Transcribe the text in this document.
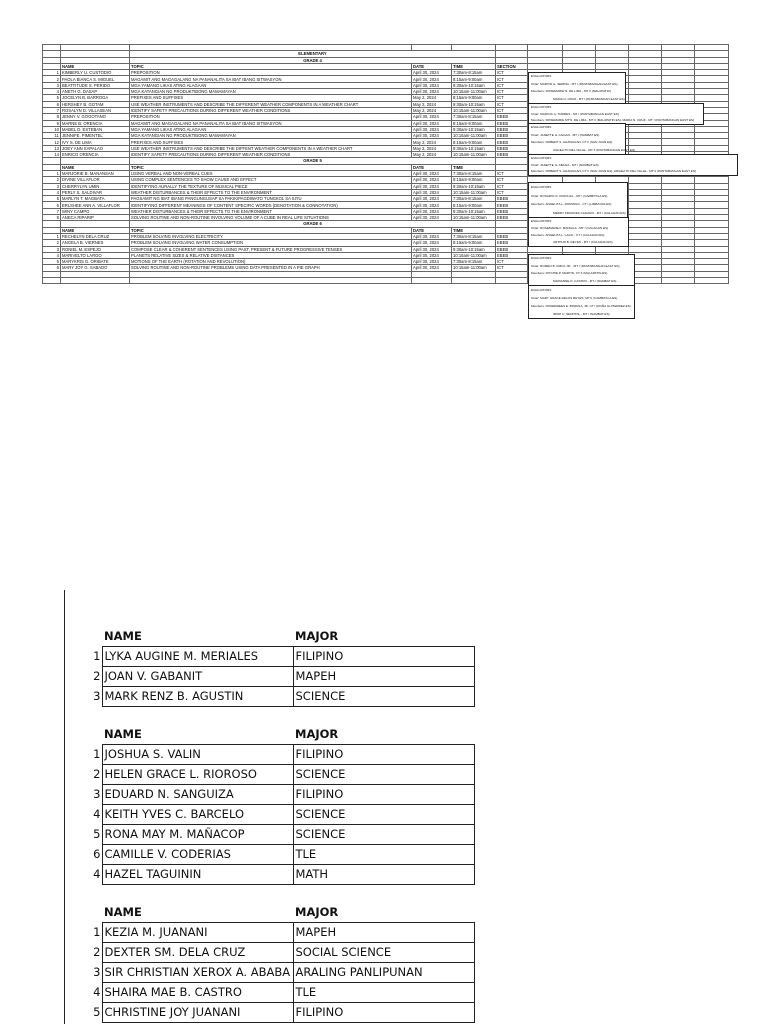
		ELEMENTARY									
		GRADE 4									
	NAME	TOPIC	DATE	TIME	SECTION						
1	KIMBERLY U. CUSTODIO	PREPOSITION	April 30, 2024	7:30am-8:15am	ICT						
2	PAOLA BIANCA S. MIGUEL	MAGAMIT ANG MAGAGALANG NA PANANALITA SA IBAT IBANG SITWASYON	April 30, 2024	8:15am-9:00am	ICT						
3	BEATTITUDE S. PERIDO	MGA YAMANG LIKAS ATING ALAGAAN	April 30, 2024	9:30am-10:15am	ICT						
4	ANETH G. DASAP	MGA KATANGIAN NG PRODUKTIBONG MAMAMAYAN	April 30, 2024	10:15am-11:00am	ICT						
5	JOCELYN B. BARROGA	PREFIXES AND SUFFIXES	May 2, 2024	8:15am-9:00am	ICT						
6	HERSHEY B. GOTAM	USE WEATHER INSTRUMENTS AND DESCRIBE THE DIFFERENT WEATHER COMPONENTS IN A WEATHER CHART	May 2, 2024	9:30am-10:15am	ICT						
7	ROSALYN D. VILLASEAN	IDENTIFY SAFETY PRECAUTIONS DURING DIFFERENT WEATHER CONDITIONS	May 2, 2024	10:15am-11:00am	ICT						
8	JENNY V. GOGOTANO	PREPOSITION	April 30, 2024	7:30am-8:15am	EBEB						
9	MARNE B. ORENCIA	MAGAMIT ANG MAGAGALANG NA PANANALITA SA IBAT IBANG SITWASYON	April 30, 2024	8:15am-9:00am	EBEB						
10	MABEL D. ESTEBAN	MGA YAMANG LIKAS ATING ALAGAAN	April 30, 2024	9:30am-10:15am	EBEB						
11	JENNIFE. PIMENTEL	MGA KATANGIAN NG PRODUKTIBONG MAMAMAYAN	April 30, 2024	10:15am-11:00am	EBEB						
12	IVY S. DE LIMA	PREFIXES AND SUFFIXES	May 2, 2024	8:15am-9:00am	EBEB						
13	JOEY ANN SAPALAO	USE WEATHER INSTRUMENTS AND DESCRIBE THE DIFFENT WEATHER COMPONENTS IN A WEATHER CHART	May 2, 2024	9:30am-10:15am	EBEB						
14	ENRICO ORENCIA	IDENTIFY SAFETY PRECAUTIONS DURING DIFFERENT WEATHER CONDITIONS	May 2, 2024	10:15am-11:00am	EBEB						
		GRADE 5									
	NAME	TOPIC	DATE	TIME							
1	MARJORIE B. MANANSAN	USING VERBAL AND NON-VERBAL CUES	April 30, 2024	7:30am-8:15am	ICT						
2	DIVINE VILLAFLOR	USING COMPLEX SENTENCES TO SHOW CAUSE AND EFFECT	April 30, 2024	8:15am-9:00am	ICT						
3	CHERRYLYN UMIN	IDENTIFYING AURALLY THE TEXTURE OF MUSICAL PIECE	April 30, 2024	9:30am-10:15am	ICT						
4	PERLY S. SALDIVAR	WEATHER DISTURBANCES & THEIR EFFECTS TO THE ENVIRONMENT	April 30, 2024	10:15am-11:00am	ICT						
5	MARLYN T. MAGBATA	PAGSAMIT NG IBAT IBANG PANGUNGUSAP SA PAKIKIPAGDIWATO TUNGKOL SA SIYU	April 30, 2024	7:30am-8:15am	EBEB						
6	ERLSHEE ANN A. VILLAFLOR	IDENTIFYING DIFFERENT MEANINGS OF CONTENT SPECIFIC WORDS (DENOTATION & CONNOTATION)	April 30, 2024	8:15am-9:00am	EBEB						
7	WINY CAMPO	WEATHER DISTURBANCES & THEIR EFFECTS TO THE ENVIRONMENT	April 30, 2024	9:30am-10:15am	EBEB						
8	ANECA RIPARIP	SOLVING ROUTINE AND NON-ROUTINE INVOLVING VOLUME OF A CUBE IN REAL LIFE SITUATIONS	April 30, 2024	10:15am-11:00am	EBEB						
		GRADE 6									
	NAME	TOPIC	DATE	TIME							
1	RECHELYN DELA CRUZ	PROBLEM SOLVING INVOLVING ELECTRICITY	April 30, 2024	7:30am-8:15am	EBEB						
2	ANGELA B. VIERNES	PROBLEM SOLVING INVOLVING WATER CONSUMPTION	April 30, 2024	8:15am-9:00am	EBEB						
3	RONIEL M. ESPEJO	COMPOSE CLEAR & COHERENT SENTENCES USING PAST, PRESENT & FUTURE PROGRESSIVE TENSES	April 30, 2024	9:30am-10:15am	EBEB						
4	MARIVELTO LARGO	PLANETS RELATIVE SIZES & RELATIVE DISTANCES	April 30, 2024	10:15am-11:00am	EBEB						
5	MARYKRIS G. ORIBATE	MOTIONS OF THE EARTH (ROTATION AND REVOLUTION)	April 30, 2024	7:30am-8:15am	ICT						
6	MARY JOY G. SABADO	SOLVING ROUTINE AND NON-ROUTINE PROBLEMS USING DATA PRESENTED IN A PIE GRAPH	April 30, 2024	10:15am-11:00am	ICT						

EVALUATORS
Chair: MARVIN G. SERING - MT I (PANTABANGAN EAST ES)
Members: ROSEMARIE N. DE LIMA - MT II (MALAPATIN)
MARIA N. CRUZ - MT I (PANTABANGAN EAST ES)
EVALUATORS
Chair: MARIVIC A. TORRES - MT I (PANTABANGAN EAST ES)
Members: ROSEMARIE MT'S. DE LIMA - MT II (MALAPATIN ES), MARIA N. CRUZ - MT I (PANTABANGAN EAST ES)
EVALUATORS
Chair: JANETTE G. AGGAN - MT I (NAMBAT ES)
Members: ROBERT S. AGANGGAN, CT II (SAN JUAN ES)
ANGELITO DEL VALLE - MT II (PANTABANGAN EAST ES)
EVALUATORS
Chair: JANETTE G. ABAGA - MT I (NAMBAT ES)
Members: ROBERT S. AGANGGAN, CT II (SAN JUAN ES), ANGELITO DEL VALLE - MT II (PANTABANGAN EAST ES)
EVALUATORS
Chair: ROSARIO G. PASCUAL - MT I (CAMBITALA ES)
Members: ANGELITA L. DOMINGO - CT I (LIMBAYAN ES)
MERRY FRANCES CAGARO - MT I (CALAGAN ES)
EVALUATORS
Chair: ROSEMARIE F. MANGILA - MT I (CALAGAN ES)
Members: ANGELITA L. LAGO - CT I (CALAGAN ES)
ARTHUR B. REYES - MT I (CALAGAN ES)
EVALUATORS
Chair: ROMEO B. DIZOL JR. - MT I (PANTABANGAN EAST ES)
Members: RITCHIE P. MARTIN, CT II (MALAPATIN ES)
MARIANNE D. CASTRO - MT I (NAMBAT ES)
EVALUATORS
Chair: MARY GRACE DELOS REYES, MT II (CAMBITALA ES)
Members: RUDERREES E. BINDIGA, JR, CT I (DOÑA GUITERREZ ES)
IRISH U. SENOTAL - MT I (NAMBAT ES)
	NAME	MAJOR
1	LYKA AUGINE M. MERIALES	FILIPINO
2	JOAN V. GABANIT	MAPEH
3	MARK RENZ B. AGUSTIN	SCIENCE
	NAME	MAJOR
1	JOSHUA S. VALIN	FILIPINO
2	HELEN GRACE L. RIOROSO	SCIENCE
3	EDUARD N. SANGUIZA	FILIPINO
4	KEITH YVES C. BARCELO	SCIENCE
5	RONA MAY M. MAÑACOP	SCIENCE
6	CAMILLE V. CODERIAS	TLE
4	HAZEL TAGUININ	MATH
	NAME	MAJOR
1	KEZIA M. JUANANI	MAPEH
2	DEXTER SM. DELA CRUZ	SOCIAL SCIENCE
3	SIR CHRISTIAN XEROX A. ABABA	ARALING PANLIPUNAN
4	SHAIRA MAE B. CASTRO	TLE
5	CHRISTINE JOY JUANANI	FILIPINO
